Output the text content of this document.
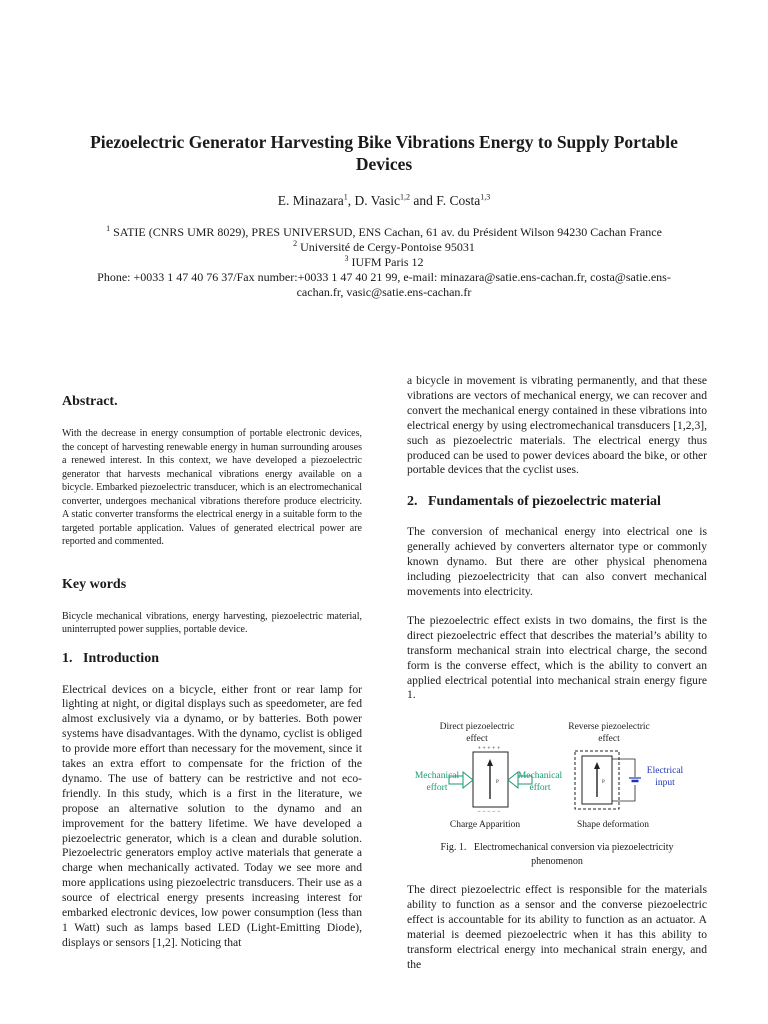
Piezoelectric Generator Harvesting Bike Vibrations Energy to Supply Portable Devices
E. Minazara$^1$, D. Vasic$^{1,2}$ and F. Costa$^{1,3}$
$^1$ SATIE (CNRS UMR 8029), PRES UNIVERSUD, ENS Cachan, 61 av. du Président Wilson 94230 Cachan France
$^2$ Université de Cergy-Pontoise 95031
$^3$ IUFM Paris 12
Phone: +0033 1 47 40 76 37/Fax number:+0033 1 47 40 21 99, e-mail: minazara@satie.ens-cachan.fr, costa@satie.ens-
cachan.fr, vasic@satie.ens-cachan.fr
Abstract.

With the decrease in energy consumption of portable electronic devices, the concept of harvesting renewable energy in human surrounding arouses a renewed interest. In this context, we have developed a piezoelectric generator that harvests mechanical vibrations energy available on a bicycle. Embarked piezoelectric transducer, which is an electromechanical converter, undergoes mechanical vibrations therefore produce electricity. A static converter transforms the electrical energy in a suitable form to the targeted portable application. Values of generated electrical power are reported and commented.

Key words

Bicycle mechanical vibrations, energy harvesting, piezoelectric material, uninterrupted power supplies, portable device.

1.  Introduction

Electrical devices on a bicycle, either front or rear lamp for lighting at night, or digital displays such as speedometer, are fed almost exclusively via a dynamo, or by batteries. Both power systems have disadvantages. With the dynamo, cyclist is obliged to provide more effort than necessary for the movement, since it takes an extra effort to compensate for the friction of the dynamo. The use of battery can be restrictive and not eco-friendly. In this study, which is a first in the literature, we propose an alternative solution to the dynamo and an improvement for the battery lifetime. We have developed a piezoelectric generator, which is a clean and durable solution. Piezoelectric generators employ active materials that generate a charge when mechanically activated. Today we see more and more applications using piezoelectric transducers. Their use as a source of electrical energy presents increasing interest for embarked electronic devices, low power consumption (less than 1 Watt) such as lamps based LED (Light-Emitting Diode), displays or sensors [1,2]. Noticing that

a bicycle in movement is vibrating permanently, and that these vibrations are vectors of mechanical energy, we can recover and convert the mechanical energy contained in these vibrations into electrical energy by using electromechanical transducers [1,2,3], such as piezoelectric materials. The electrical energy thus produced can be used to power devices aboard the bike, or other portable devices that the cyclist uses.

2.  Fundamentals of piezoelectric material

The conversion of mechanical energy into electrical one is generally achieved by converters alternator type or commonly known dynamo. But there are other physical phenomena including piezoelectricity that can also convert mechanical movements into electricity.

The piezoelectric effect exists in two domains, the first is the direct piezoelectric effect that describes the material’s ability to transform mechanical strain into electrical charge, the second form is the converse effect, which is the ability to convert an applied electrical potential into mechanical strain energy figure 1.

Direct piezoelectric
effect
+ + + + +
P
− − − − −
Mechanical
effort
Mechanical
effort
Charge Apparition
Reverse piezoelectric
effect
P
Electrical
input
Shape deformation

Fig. 1.  Electromechanical conversion via piezoelectricity
phenomenon

The direct piezoelectric effect is responsible for the materials ability to function as a sensor and the converse piezoelectric effect is accountable for its ability to function as an actuator. A material is deemed piezoelectric when it has this ability to transform electrical energy into mechanical strain energy, and the
